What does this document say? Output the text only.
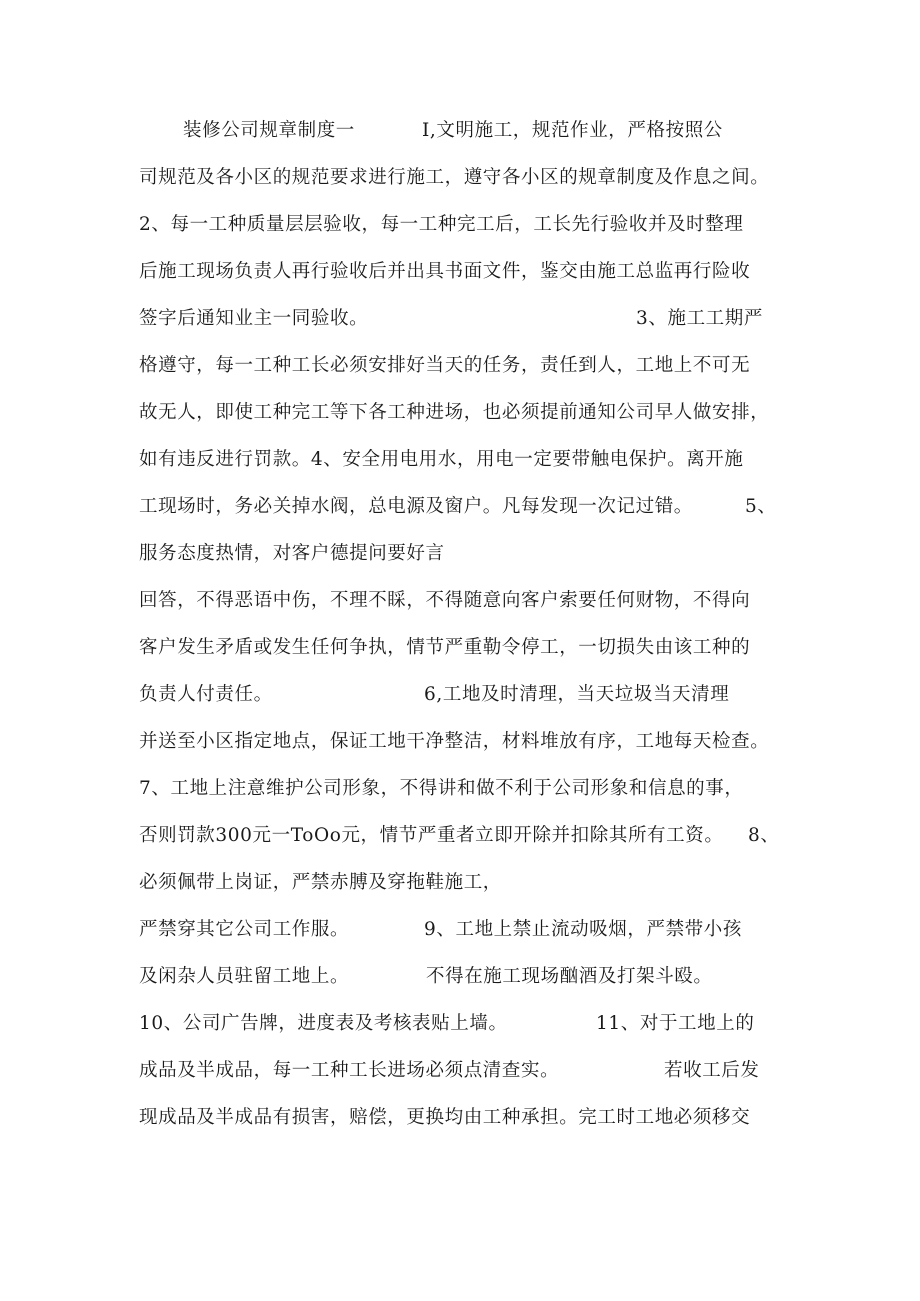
装修公司规章制度一	I,文明施工，规范作业，严格按照公
司规范及各小区的规范要求进行施工，遵守各小区的规章制度及作息之间。
2、每一工种质量层层验收，每一工种完工后，工长先行验收并及时整理
后施工现场负责人再行验收后并出具书面文件，鉴交由施工总监再行险收
签字后通知业主一同验收。	3、施工工期严
格遵守，每一工种工长必须安排好当天的任务，责任到人，工地上不可无
故无人，即使工种完工等下各工种进场，也必须提前通知公司早人做安排，
如有违反进行罚款。4、安全用电用水，用电一定要带触电保护。离开施
工现场时，务必关掉水阀，总电源及窗户。凡每发现一次记过错。	5、
服务态度热情，对客户德提问要好言
回答，不得恶语中伤，不理不睬，不得随意向客户索要任何财物，不得向
客户发生矛盾或发生任何争执，情节严重勒令停工，一切损失由该工种的
负责人付责任。	6,工地及时清理，当天垃圾当天清理
并送至小区指定地点，保证工地干净整洁，材料堆放有序，工地每天检查。
7、工地上注意维护公司形象，不得讲和做不利于公司形象和信息的事，
否则罚款300元一ToOo元，情节严重者立即开除并扣除其所有工资。 8、
必须佩带上岗证，严禁赤膊及穿拖鞋施工，
严禁穿其它公司工作服。	9、工地上禁止流动吸烟，严禁带小孩
及闲杂人员驻留工地上。	不得在施工现场酗酒及打架斗殴。
10、公司广告牌，进度表及考核表贴上墙。	11、对于工地上的
成品及半成品，每一工种工长进场必须点清查实。	若收工后发
现成品及半成品有损害，赔偿，更换均由工种承担。完工时工地必须移交
